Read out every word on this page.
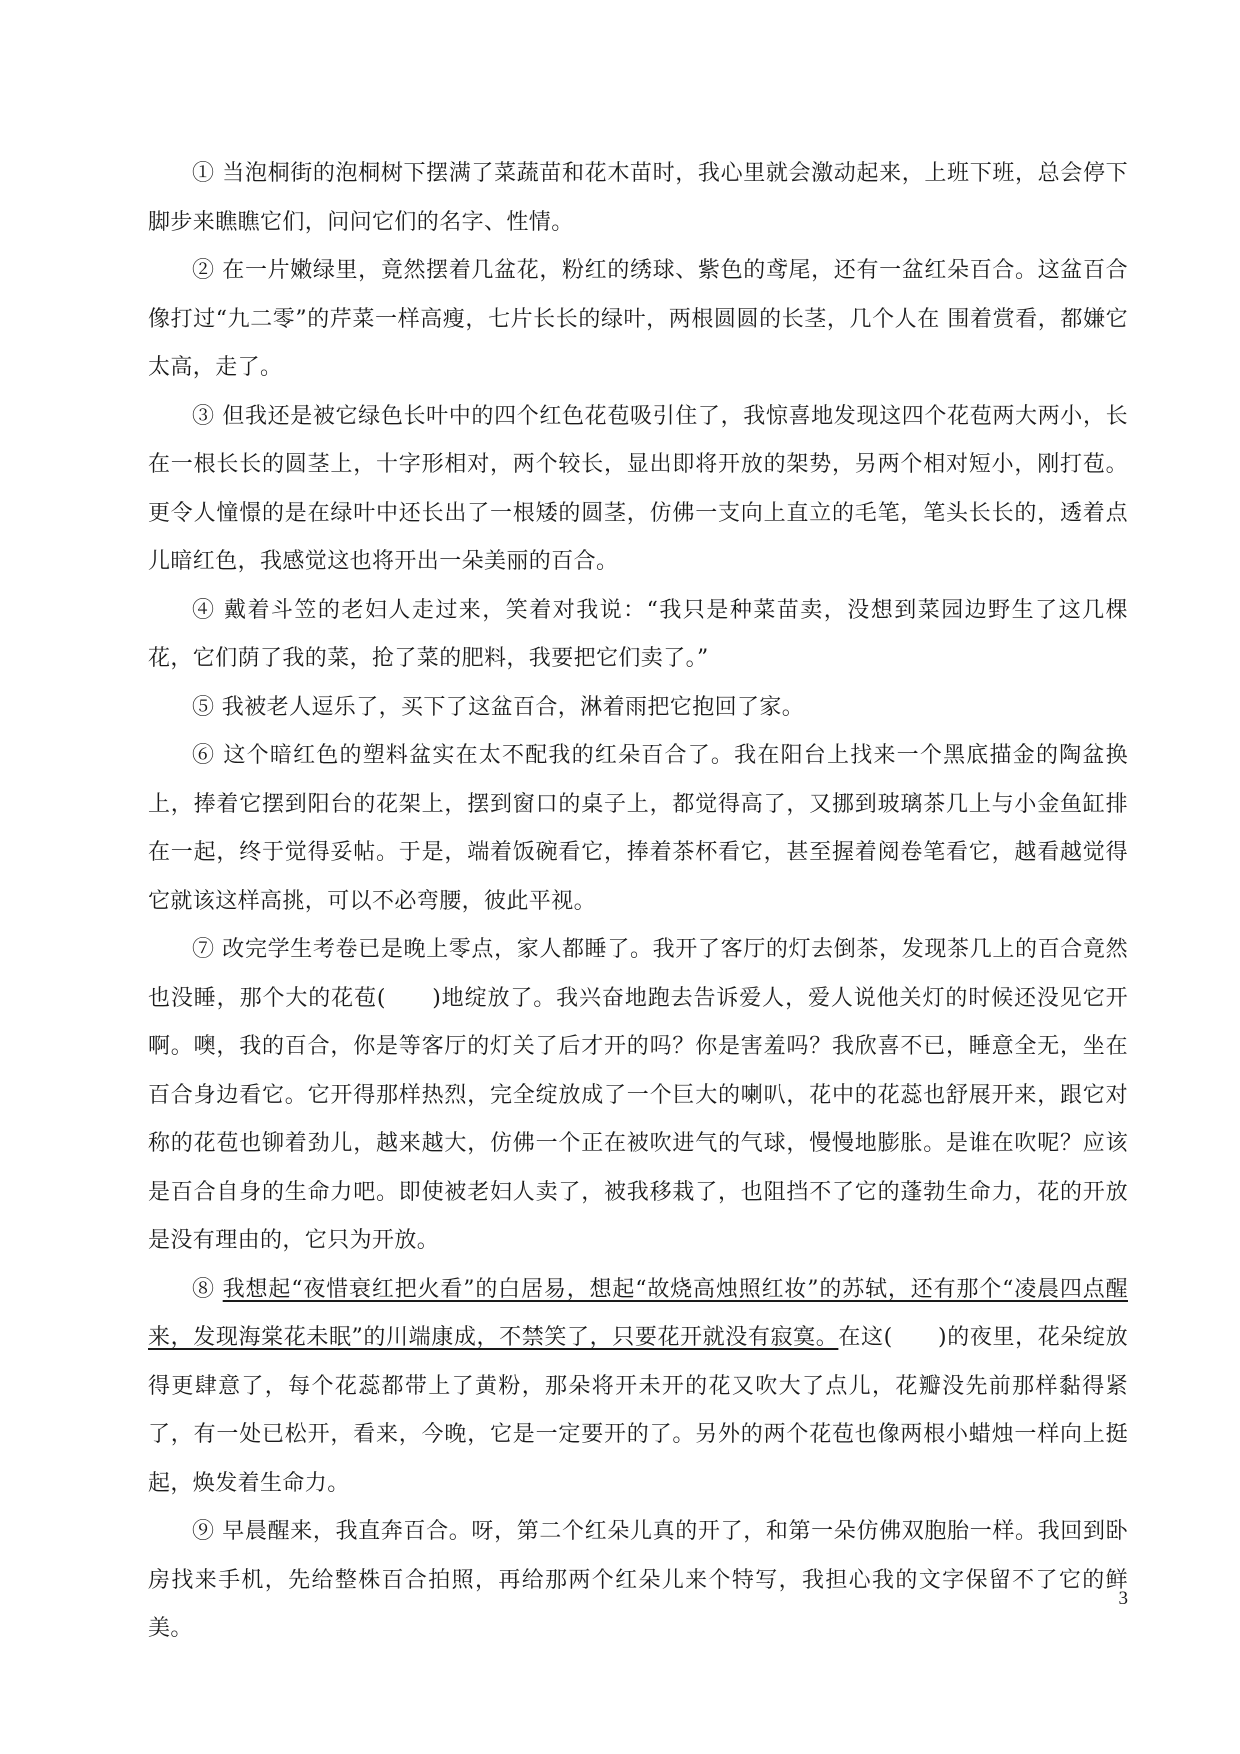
① 当泡桐街的泡桐树下摆满了菜蔬苗和花木苗时，我心里就会激动起来，上班下班，总会停下脚步来瞧瞧它们，问问它们的名字、性情。

② 在一片嫩绿里，竟然摆着几盆花，粉红的绣球、紫色的鸢尾，还有一盆红朵百合。这盆百合像打过“九二零”的芹菜一样高瘦，七片长长的绿叶，两根圆圆的长茎，几个人在 围着赏看，都嫌它太高，走了。

③ 但我还是被它绿色长叶中的四个红色花苞吸引住了，我惊喜地发现这四个花苞两大两小，长在一根长长的圆茎上，十字形相对，两个较长，显出即将开放的架势，另两个相对短小，刚打苞。更令人憧憬的是在绿叶中还长出了一根矮的圆茎，仿佛一支向上直立的毛笔，笔头长长的，透着点儿暗红色，我感觉这也将开出一朵美丽的百合。

④ 戴着斗笠的老妇人走过来，笑着对我说：“我只是种菜苗卖，没想到菜园边野生了这几棵花，它们荫了我的菜，抢了菜的肥料，我要把它们卖了。”

⑤ 我被老人逗乐了，买下了这盆百合，淋着雨把它抱回了家。

⑥ 这个暗红色的塑料盆实在太不配我的红朵百合了。我在阳台上找来一个黑底描金的陶盆换上，捧着它摆到阳台的花架上，摆到窗口的桌子上，都觉得高了，又挪到玻璃茶几上与小金鱼缸排在一起，终于觉得妥帖。于是，端着饭碗看它，捧着茶杯看它，甚至握着阅卷笔看它，越看越觉得它就该这样高挑，可以不必弯腰，彼此平视。

⑦ 改完学生考卷已是晚上零点，家人都睡了。我开了客厅的灯去倒茶，发现茶几上的百合竟然也没睡，那个大的花苞(　　)地绽放了。我兴奋地跑去告诉爱人，爱人说他关灯的时候还没见它开啊。噢，我的百合，你是等客厅的灯关了后才开的吗？你是害羞吗？我欣喜不已，睡意全无，坐在百合身边看它。它开得那样热烈，完全绽放成了一个巨大的喇叭，花中的花蕊也舒展开来，跟它对称的花苞也铆着劲儿，越来越大，仿佛一个正在被吹进气的气球，慢慢地膨胀。是谁在吹呢？应该是百合自身的生命力吧。即使被老妇人卖了，被我移栽了，也阻挡不了它的蓬勃生命力，花的开放是没有理由的，它只为开放。

⑧ 我想起“夜惜衰红把火看”的白居易，想起“故烧高烛照红妆”的苏轼，还有那个“凌晨四点醒来，发现海棠花未眠”的川端康成，不禁笑了，只要花开就没有寂寞。在这(　　)的夜里，花朵绽放得更肆意了，每个花蕊都带上了黄粉，那朵将开未开的花又吹大了点儿，花瓣没先前那样黏得紧了，有一处已松开，看来，今晚，它是一定要开的了。另外的两个花苞也像两根小蜡烛一样向上挺起，焕发着生命力。

⑨ 早晨醒来，我直奔百合。呀，第二个红朵儿真的开了，和第一朵仿佛双胞胎一样。我回到卧房找来手机，先给整株百合拍照，再给那两个红朵儿来个特写，我担心我的文字保留不了它的鲜美。

3
